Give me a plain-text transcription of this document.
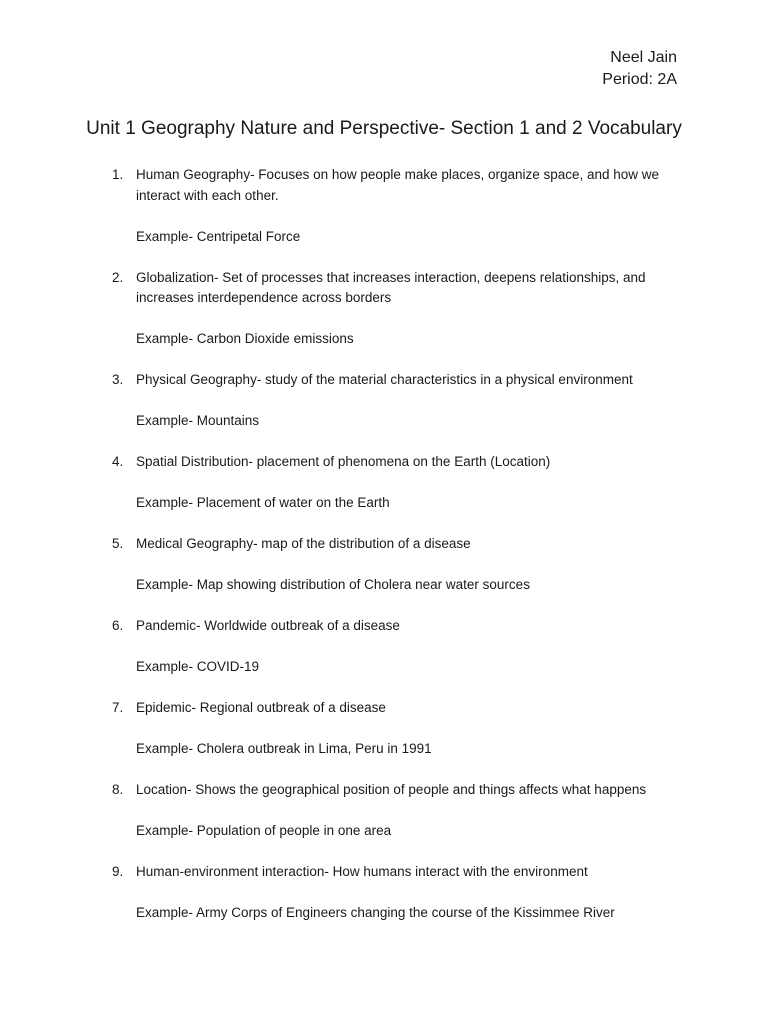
Neel Jain
Period: 2A
Unit 1 Geography Nature and Perspective- Section 1 and 2 Vocabulary
1. Human Geography- Focuses on how people make places, organize space, and how we interact with each other.
Example- Centripetal Force
2. Globalization- Set of processes that increases interaction, deepens relationships, and increases interdependence across borders
Example- Carbon Dioxide emissions
3. Physical Geography- study of the material characteristics in a physical environment
Example- Mountains
4. Spatial Distribution- placement of phenomena on the Earth (Location)
Example- Placement of water on the Earth
5. Medical Geography- map of the distribution of a disease
Example- Map showing distribution of Cholera near water sources
6. Pandemic- Worldwide outbreak of a disease
Example- COVID-19
7. Epidemic- Regional outbreak of a disease
Example- Cholera outbreak in Lima, Peru in 1991
8. Location- Shows the geographical position of people and things affects what happens
Example- Population of people in one area
9. Human-environment interaction- How humans interact with the environment
Example- Army Corps of Engineers changing the course of the Kissimmee River
